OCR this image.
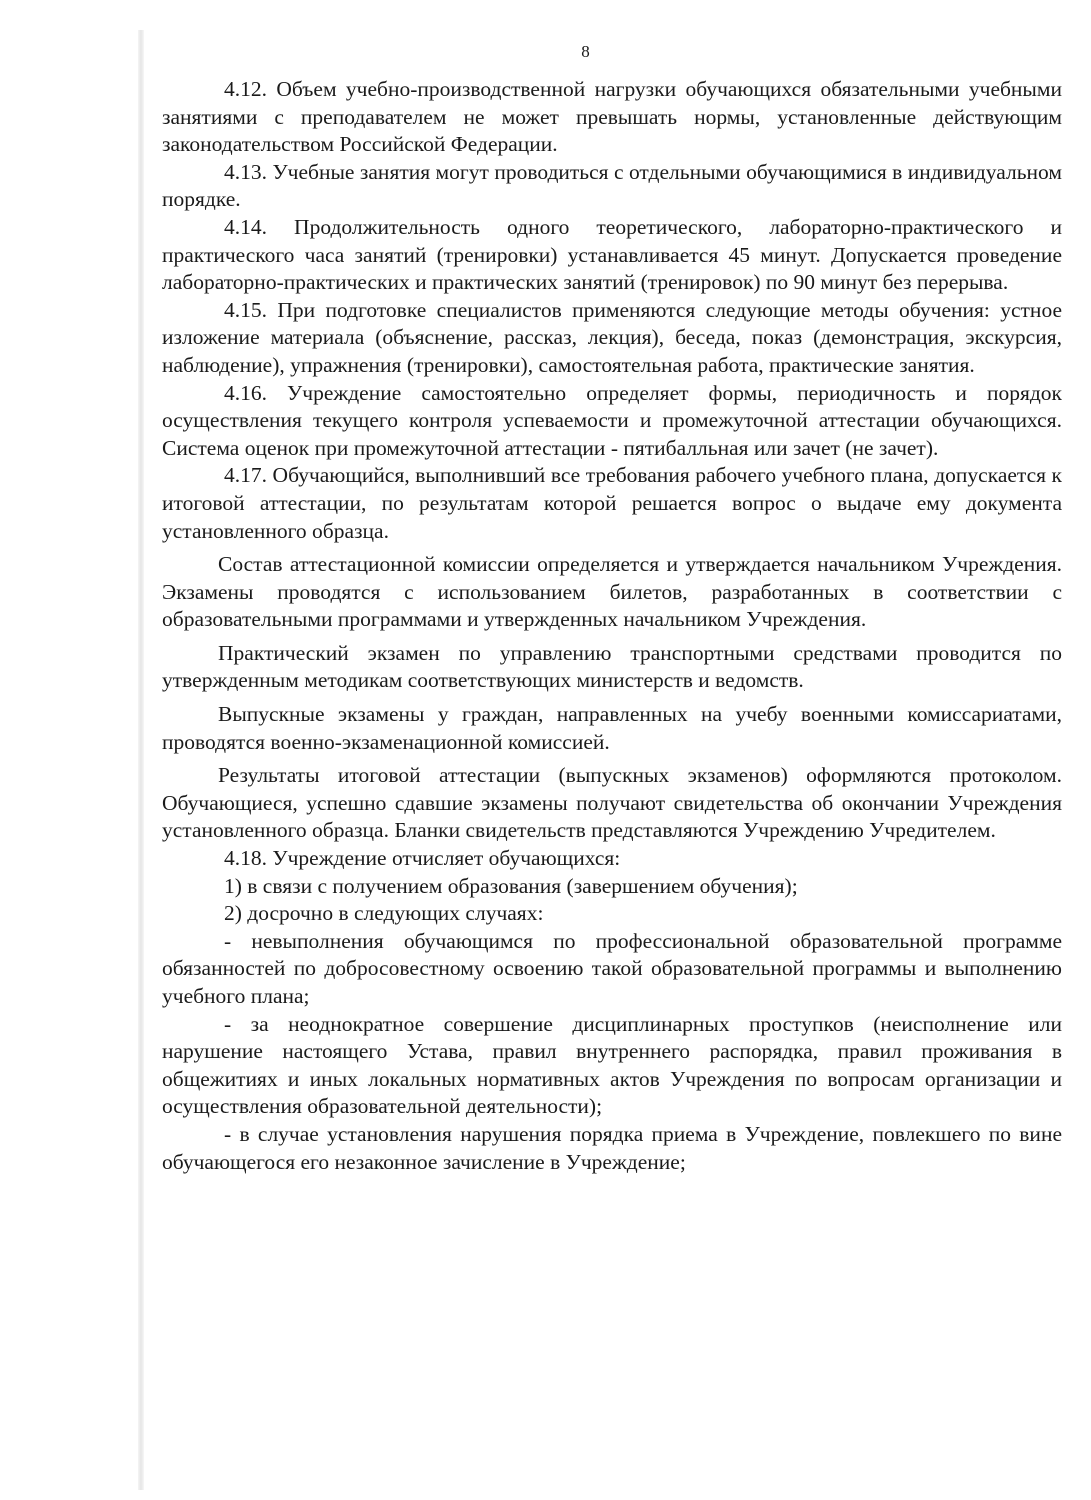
8

4.12. Объем учебно-производственной нагрузки обучающихся обязательными учебными занятиями с преподавателем не может превышать нормы, установленные действующим законодательством Российской Федерации.

4.13. Учебные занятия могут проводиться с отдельными обучающимися в индивидуальном порядке.

4.14. Продолжительность одного теоретического, лабораторно-практического и практического часа занятий (тренировки) устанавливается 45 минут. Допускается проведение лабораторно-практических и практических занятий (тренировок) по 90 минут без перерыва.

4.15. При подготовке специалистов применяются следующие методы обучения: устное изложение материала (объяснение, рассказ, лекция), беседа, показ (демонстрация, экскурсия, наблюдение), упражнения (тренировки), самостоятельная работа, практические занятия.

4.16. Учреждение самостоятельно определяет формы, периодичность и порядок осуществления текущего контроля успеваемости и промежуточной аттестации обучающихся. Система оценок при промежуточной аттестации - пятибалльная или зачет (не зачет).

4.17. Обучающийся, выполнивший все требования рабочего учебного плана, допускается к итоговой аттестации, по результатам которой решается вопрос о выдаче ему документа установленного образца.

Состав аттестационной комиссии определяется и утверждается начальником Учреждения. Экзамены проводятся с использованием билетов, разработанных в соответствии с образовательными программами и утвержденных начальником Учреждения.

Практический экзамен по управлению транспортными средствами проводится по утвержденным методикам соответствующих министерств и ведомств.

Выпускные экзамены у граждан, направленных на учебу военными комиссариатами, проводятся военно-экзаменационной комиссией.

Результаты итоговой аттестации (выпускных экзаменов) оформляются протоколом. Обучающиеся, успешно сдавшие экзамены получают свидетельства об окончании Учреждения установленного образца. Бланки свидетельств представляются Учреждению Учредителем.

4.18. Учреждение отчисляет обучающихся:

1) в связи с получением образования (завершением обучения);

2) досрочно в следующих случаях:

- невыполнения обучающимся по профессиональной образовательной программе обязанностей по добросовестному освоению такой образовательной программы и выполнению учебного плана;

- за неоднократное совершение дисциплинарных проступков (неисполнение или нарушение настоящего Устава, правил внутреннего распорядка, правил проживания в общежитиях и иных локальных нормативных актов Учреждения по вопросам организации и осуществления образовательной деятельности);

- в случае установления нарушения порядка приема в Учреждение, повлекшего по вине обучающегося его незаконное зачисление в Учреждение;
